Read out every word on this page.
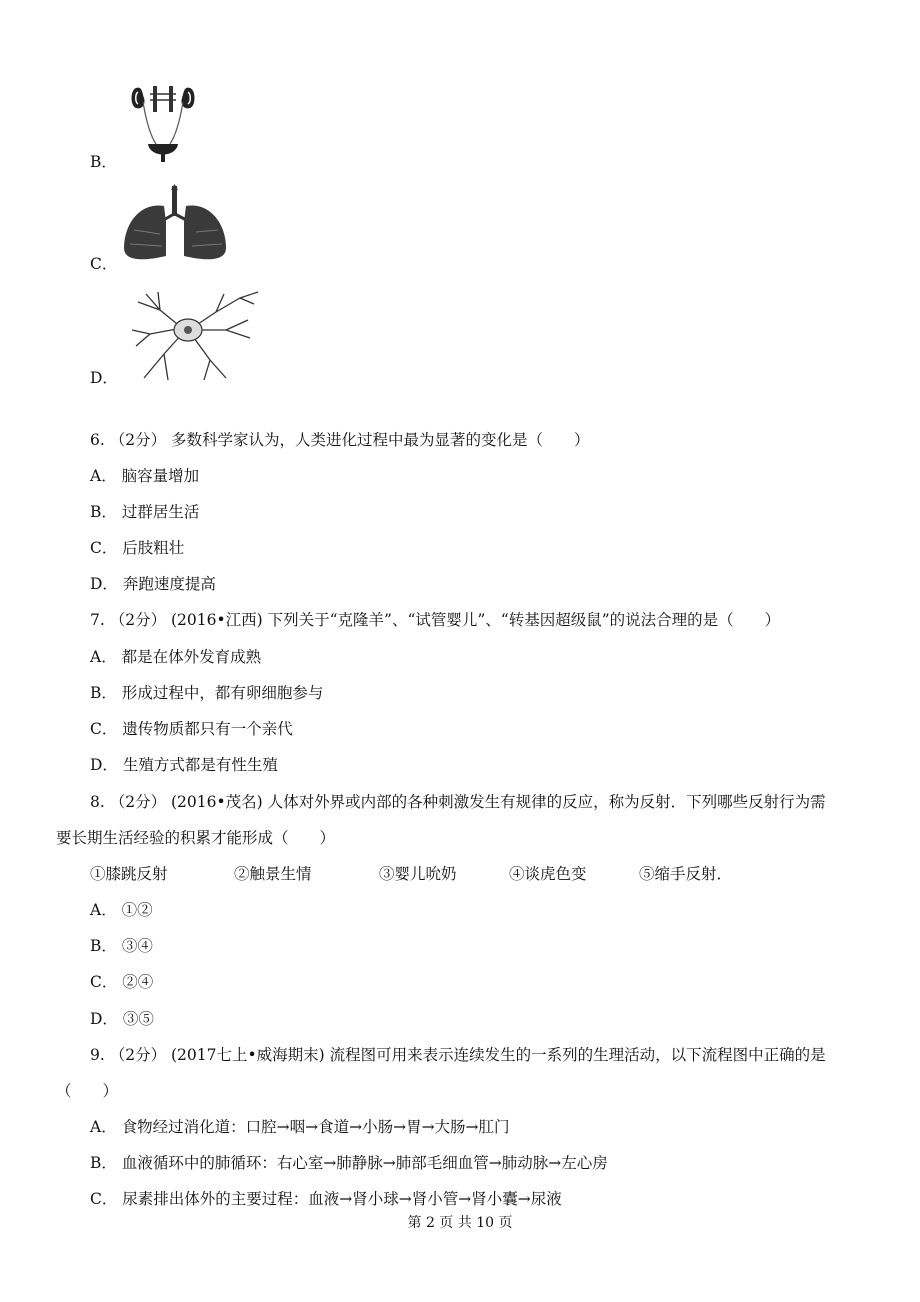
B．
C．
D．
6. （2分） 多数科学家认为，人类进化过程中最为显著的变化是（　　）
A． 脑容量增加
B． 过群居生活
C． 后肢粗壮
D． 奔跑速度提高
7. （2分） (2016•江西) 下列关于“克隆羊”、“试管婴儿”、“转基因超级鼠”的说法合理的是（　　）
A． 都是在体外发育成熟
B． 形成过程中，都有卵细胞参与
C． 遗传物质都只有一个亲代
D． 生殖方式都是有性生殖
8. （2分） (2016•茂名) 人体对外界或内部的各种刺激发生有规律的反应，称为反射．下列哪些反射行为需
要长期生活经验的积累才能形成（　　）
①膝跳反射	②触景生情	③婴儿吮奶	④谈虎色变	⑤缩手反射．
A． ①②
B． ③④
C． ②④
D． ③⑤
9. （2分） (2017七上•威海期末) 流程图可用来表示连续发生的一系列的生理活动，以下流程图中正确的是
（　　）
A． 食物经过消化道：口腔→咽→食道→小肠→胃→大肠→肛门
B． 血液循环中的肺循环：右心室→肺静脉→肺部毛细血管→肺动脉→左心房
C． 尿素排出体外的主要过程：血液→肾小球→肾小管→肾小囊→尿液
第 2 页 共 10 页
